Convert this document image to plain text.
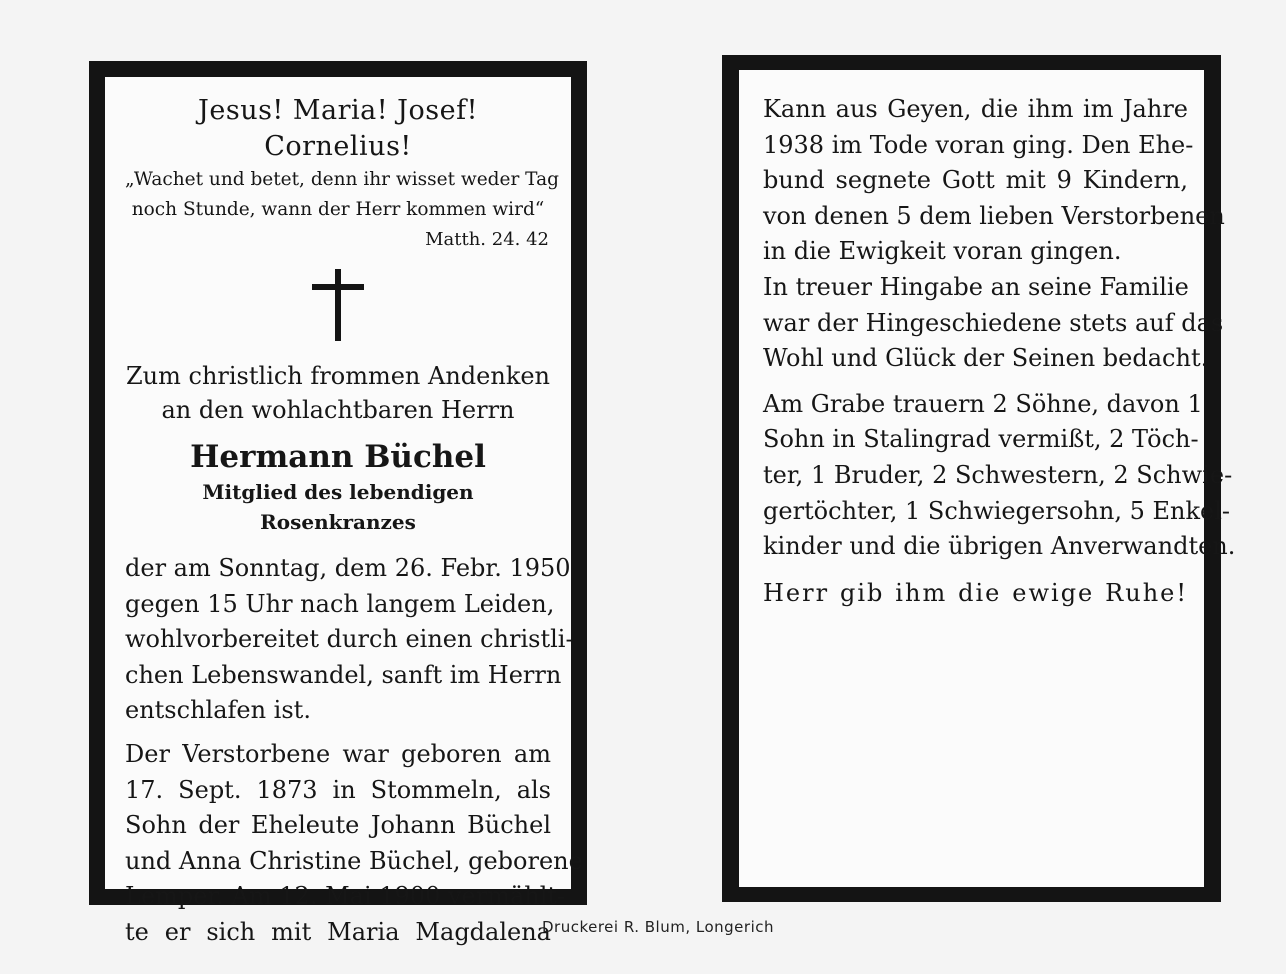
Jesus! Maria! Josef! Cornelius!
„Wachet und betet, denn ihr wisset weder Tag
noch Stunde, wann der Herr kommen wird“
Matth. 24. 42
Zum christlich frommen Andenken
an den wohlachtbaren Herrn
Hermann Büchel
Mitglied des lebendigen Rosenkranzes
der am Sonntag, dem 26. Febr. 1950
gegen 15 Uhr nach langem Leiden,
wohlvorbereitet durch einen christli-
chen Lebenswandel, sanft im Herrn
entschlafen ist.
Der Verstorbene war geboren am
17. Sept. 1873 in Stommeln, als
Sohn der Eheleute Johann Büchel
und Anna Christine Büchel, geborene
Lemper. Am 12. Mai 1900 vermählt-
te er sich mit Maria Magdalena
Kann aus Geyen, die ihm im Jahre
1938 im Tode voran ging. Den Ehe-
bund segnete Gott mit 9 Kindern,
von denen 5 dem lieben Verstorbenen
in die Ewigkeit voran gingen.
In treuer Hingabe an seine Familie
war der Hingeschiedene stets auf das
Wohl und Glück der Seinen bedacht.
Am Grabe trauern 2 Söhne, davon 1
Sohn in Stalingrad vermißt, 2 Töch-
ter, 1 Bruder, 2 Schwestern, 2 Schwie-
gertöchter, 1 Schwiegersohn, 5 Enkel-
kinder und die übrigen Anverwandten.
Herr gib ihm die ewige Ruhe!
Druckerei R. Blum, Longerich
